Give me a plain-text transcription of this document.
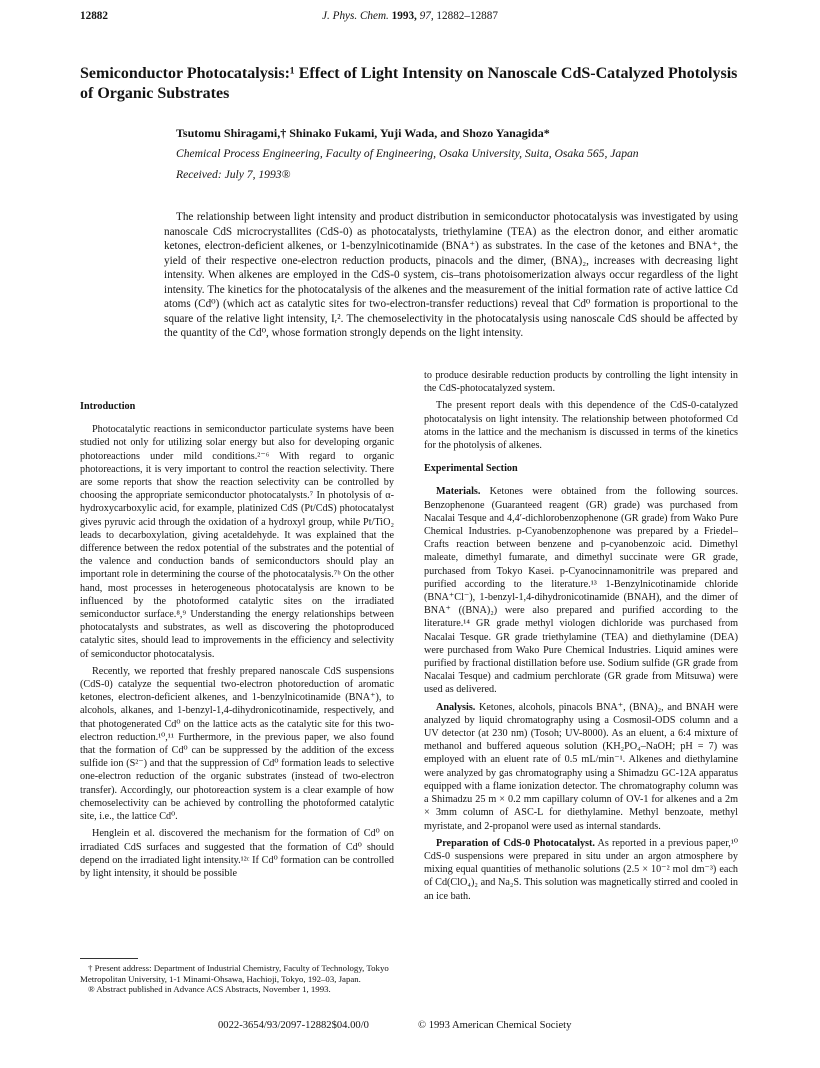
12882	J. Phys. Chem. 1993, 97, 12882–12887
Semiconductor Photocatalysis:¹ Effect of Light Intensity on Nanoscale CdS-Catalyzed Photolysis of Organic Substrates
Tsutomu Shiragami,† Shinako Fukami, Yuji Wada, and Shozo Yanagida*
Chemical Process Engineering, Faculty of Engineering, Osaka University, Suita, Osaka 565, Japan
Received: July 7, 1993®
The relationship between light intensity and product distribution in semiconductor photocatalysis was investigated by using nanoscale CdS microcrystallites (CdS-0) as photocatalysts, triethylamine (TEA) as the electron donor, and either aromatic ketones, electron-deficient alkenes, or 1-benzylnicotinamide (BNA⁺) as substrates. In the case of the ketones and BNA⁺, the yield of their respective one-electron reduction products, pinacols and the dimer, (BNA)₂, increases with decreasing light intensity. When alkenes are employed in the CdS-0 system, cis–trans photoisomerization always occur regardless of the light intensity. The kinetics for the photocatalysis of the alkenes and the measurement of the initial formation rate of active lattice Cd atoms (Cd⁰) (which act as catalytic sites for two-electron-transfer reductions) reveal that Cd⁰ formation is proportional to the square of the relative light intensity, Iᵣ². The chemoselectivity in the photocatalysis using nanoscale CdS should be affected by the quantity of the Cd⁰, whose formation strongly depends on the light intensity.

Introduction

Photocatalytic reactions in semiconductor particulate systems have been studied not only for utilizing solar energy but also for developing organic photoreactions under mild conditions.²⁻⁶ With regard to organic photoreactions, it is very important to control the reaction selectivity. There are some reports that show the reaction selectivity can be controlled by choosing the appropriate semiconductor photocatalysts.⁷ In photolysis of α-hydroxycarboxylic acid, for example, platinized CdS (Pt/CdS) photocatalyst gives pyruvic acid through the oxidation of a hydroxyl group, while Pt/TiO₂ leads to decarboxylation, giving acetaldehyde. It was explained that the difference between the redox potential of the substrates and the potential of the valence and conduction bands of semiconductors should play an important role in determining the course of the photocatalysis.⁷ᵇ On the other hand, most processes in heterogeneous photocatalysis are known to be influenced by the photoformed catalytic sites on the irradiated semiconductor surface.⁸,⁹ Understanding the energy relationships between photocatalysts and substrates, as well as discovering the photoproduced catalytic sites, should lead to improvements in the efficiency and selectivity of semiconductor photocatalysis.

Recently, we reported that freshly prepared nanoscale CdS suspensions (CdS-0) catalyze the sequential two-electron photoreduction of aromatic ketones, electron-deficient alkenes, and 1-benzylnicotinamide (BNA⁺), to alcohols, alkanes, and 1-benzyl-1,4-dihydronicotinamide, respectively, and that photogenerated Cd⁰ on the lattice acts as the catalytic site for this two-electron reduction.¹⁰,¹¹ Furthermore, in the previous paper, we also found that the formation of Cd⁰ can be suppressed by the addition of the excess sulfide ion (S²⁻) and that the suppression of Cd⁰ formation leads to selective one-electron reduction of the organic substrates (instead of two-electron transfer). Accordingly, our photoreaction system is a clear example of how chemoselectivity can be achieved by controlling the photoformed catalytic site, i.e., the lattice Cd⁰.

Henglein et al. discovered the mechanism for the formation of Cd⁰ on irradiated CdS surfaces and suggested that the formation of Cd⁰ should depend on the irradiated light intensity.¹²ᶜ If Cd⁰ formation can be controlled by light intensity, it should be possible

to produce desirable reduction products by controlling the light intensity in the CdS-photocatalyzed system.

The present report deals with this dependence of the CdS-0-catalyzed photocatalysis on light intensity. The relationship between photoformed Cd atoms in the lattice and the mechanism is discussed in terms of the kinetics for the photolysis of alkenes.

Experimental Section

Materials. Ketones were obtained from the following sources. Benzophenone (Guaranteed reagent (GR) grade) was purchased from Nacalai Tesque and 4,4′-dichlorobenzophenone (GR grade) from Wako Pure Chemical Industries. p-Cyanobenzophenone was prepared by a Friedel–Crafts reaction between benzene and p-cyanobenzoic acid. Dimethyl maleate, dimethyl fumarate, and dimethyl succinate were GR grade, purchased from Tokyo Kasei. p-Cyanocinnamonitrile was prepared and purified according to the literature.¹³ 1-Benzylnicotinamide chloride (BNA⁺Cl⁻), 1-benzyl-1,4-dihydronicotinamide (BNAH), and the dimer of BNA⁺ ((BNA)₂) were also prepared and purified according to the literature.¹⁴ GR grade methyl viologen dichloride was purchased from Nacalai Tesque. GR grade triethylamine (TEA) and diethylamine (DEA) were purchased from Wako Pure Chemical Industries. Liquid amines were purified by fractional distillation before use. Sodium sulfide (GR grade from Nacalai Tesque) and cadmium perchlorate (GR grade from Mitsuwa) were used as delivered.

Analysis. Ketones, alcohols, pinacols BNA⁺, (BNA)₂, and BNAH were analyzed by liquid chromatography using a Cosmosil-ODS column and a UV detector (at 230 nm) (Tosoh; UV-8000). As an eluent, a 6:4 mixture of methanol and buffered aqueous solution (KH₂PO₄–NaOH; pH = 7) was employed with an eluent rate of 0.5 mL/min⁻¹. Alkenes and diethylamine were analyzed by gas chromatography using a Shimadzu GC-12A apparatus equipped with a flame ionization detector. The chromatography column was a Shimadzu 25 m × 0.2 mm capillary column of OV-1 for alkenes and a 2m × 3mm column of ASC-L for diethylamine. Methyl benzoate, methyl myristate, and 2-propanol were used as internal standards.

Preparation of CdS-0 Photocatalyst. As reported in a previous paper,¹⁰ CdS-0 suspensions were prepared in situ under an argon atmosphere by mixing equal quantities of methanolic solutions (2.5 × 10⁻² mol dm⁻³) each of Cd(ClO₄)₂ and Na₂S. This solution was magnetically stirred and cooled in an ice bath.

† Present address: Department of Industrial Chemistry, Faculty of Technology, Tokyo Metropolitan University, 1-1 Minami-Ohsawa, Hachioji, Tokyo, 192–03, Japan.

® Abstract published in Advance ACS Abstracts, November 1, 1993.

0022-3654/93/2097-12882$04.00/0	© 1993 American Chemical Society
